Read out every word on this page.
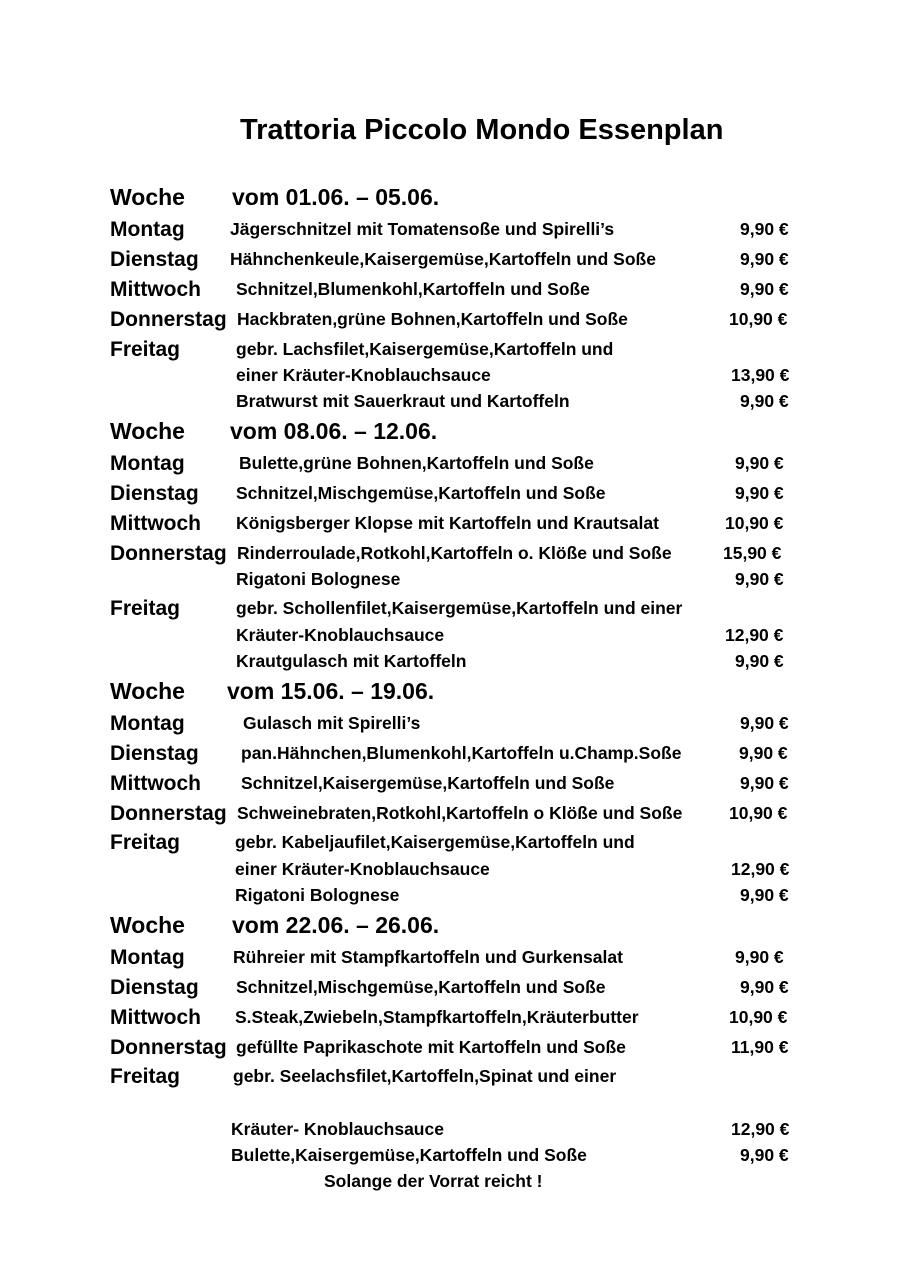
Trattoria Piccolo Mondo Essenplan
Woche vom 01.06. – 05.06.
Montag	Jägerschnitzel mit Tomatensoße und Spirelli’s	9,90 €
Dienstag Hähnchenkeule,Kaisergemüse,Kartoffeln und Soße	9,90 €
Mittwoch Schnitzel,Blumenkohl,Kartoffeln und Soße	9,90 €
Donnerstag Hackbraten,grüne Bohnen,Kartoffeln und Soße	10,90 €
Freitag	gebr. Lachsfilet,Kaisergemüse,Kartoffeln und
einer Kräuter-Knoblauchsauce	13,90 €
Bratwurst mit Sauerkraut und Kartoffeln	9,90 €
Woche vom 08.06. – 12.06.
Montag	Bulette,grüne Bohnen,Kartoffeln und Soße	9,90 €
Dienstag Schnitzel,Mischgemüse,Kartoffeln und Soße	9,90 €
Mittwoch Königsberger Klopse mit Kartoffeln und Krautsalat	10,90 €
Donnerstag Rinderroulade,Rotkohl,Kartoffeln o. Klöße und Soße	15,90 €
Rigatoni Bolognese	9,90 €
Freitag	gebr. Schollenfilet,Kaisergemüse,Kartoffeln und einer
Kräuter-Knoblauchsauce	12,90 €
Krautgulasch mit Kartoffeln	9,90 €
Woche vom 15.06. – 19.06.
Montag	Gulasch mit Spirelli’s	9,90 €
Dienstag pan.Hähnchen,Blumenkohl,Kartoffeln u.Champ.Soße	9,90 €
Mittwoch Schnitzel,Kaisergemüse,Kartoffeln und Soße	9,90 €
Donnerstag Schweinebraten,Rotkohl,Kartoffeln o Klöße und Soße	10,90 €
Freitag	gebr. Kabeljaufilet,Kaisergemüse,Kartoffeln und
einer Kräuter-Knoblauchsauce	12,90 €
Rigatoni Bolognese	9,90 €
Woche vom 22.06. – 26.06.
Montag	Rühreier mit Stampfkartoffeln und Gurkensalat	9,90 €
Dienstag Schnitzel,Mischgemüse,Kartoffeln und Soße	9,90 €
Mittwoch S.Steak,Zwiebeln,Stampfkartoffeln,Kräuterbutter	10,90 €
Donnerstag gefüllte Paprikaschote mit Kartoffeln und Soße	11,90 €
Freitag	gebr. Seelachsfilet,Kartoffeln,Spinat und einer
Kräuter- Knoblauchsauce	12,90 €
Bulette,Kaisergemüse,Kartoffeln und Soße	9,90 €
Solange der Vorrat reicht !
